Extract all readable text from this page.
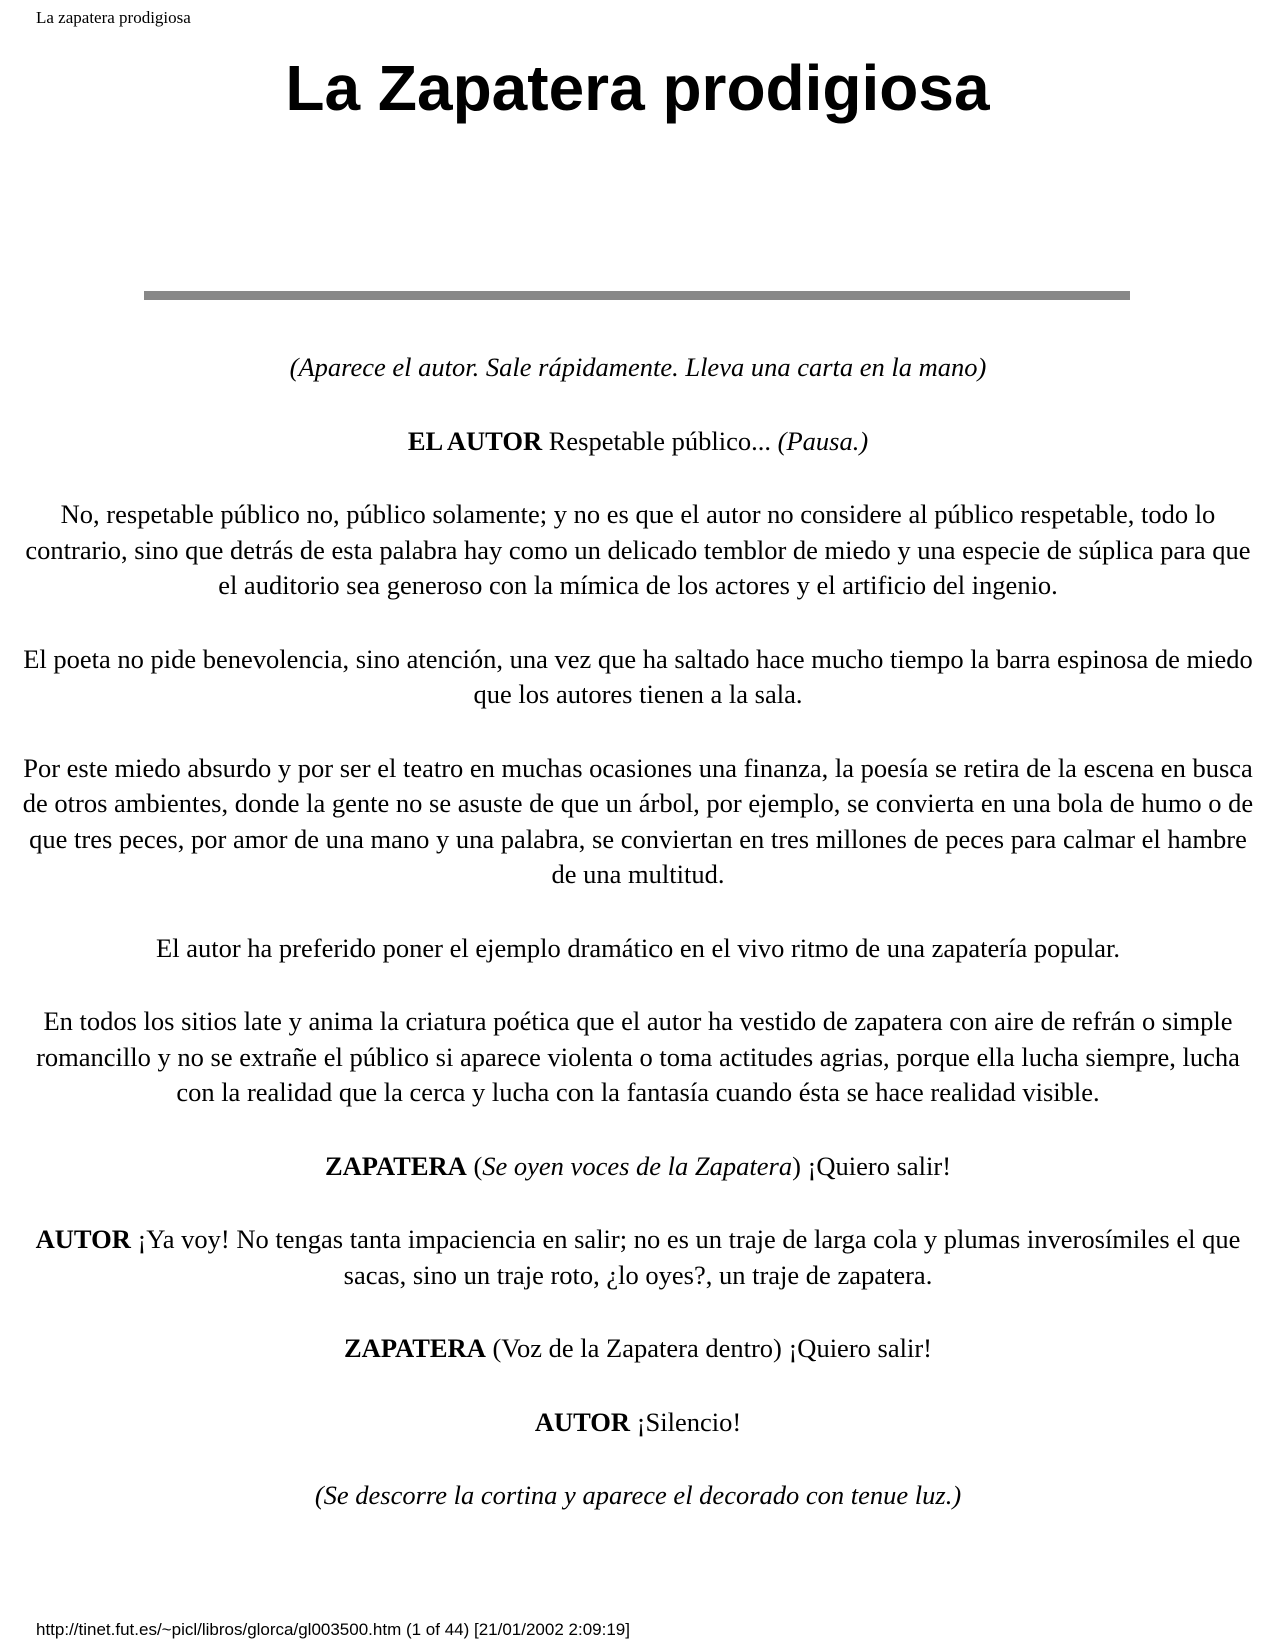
La zapatera prodigiosa
La Zapatera prodigiosa

(Aparece el autor. Sale rápidamente. Lleva una carta en la mano)

EL AUTOR Respetable público... (Pausa.)

No, respetable público no, público solamente; y no es que el autor no considere al público respetable, todo lo contrario, sino que detrás de esta palabra hay como un delicado temblor de miedo y una especie de súplica para que el auditorio sea generoso con la mímica de los actores y el artificio del ingenio.

El poeta no pide benevolencia, sino atención, una vez que ha saltado hace mucho tiempo la barra espinosa de miedo que los autores tienen a la sala.

Por este miedo absurdo y por ser el teatro en muchas ocasiones una finanza, la poesía se retira de la escena en busca de otros ambientes, donde la gente no se asuste de que un árbol, por ejemplo, se convierta en una bola de humo o de que tres peces, por amor de una mano y una palabra, se conviertan en tres millones de peces para calmar el hambre de una multitud.

El autor ha preferido poner el ejemplo dramático en el vivo ritmo de una zapatería popular.

En todos los sitios late y anima la criatura poética que el autor ha vestido de zapatera con aire de refrán o simple romancillo y no se extrañe el público si aparece violenta o toma actitudes agrias, porque ella lucha siempre, lucha con la realidad que la cerca y lucha con la fantasía cuando ésta se hace realidad visible.

ZAPATERA (Se oyen voces de la Zapatera) ¡Quiero salir!

AUTOR ¡Ya voy! No tengas tanta impaciencia en salir; no es un traje de larga cola y plumas inverosímiles el que sacas, sino un traje roto, ¿lo oyes?, un traje de zapatera.

ZAPATERA (Voz de la Zapatera dentro) ¡Quiero salir!

AUTOR ¡Silencio!

(Se descorre la cortina y aparece el decorado con tenue luz.)

http://tinet.fut.es/~picl/libros/glorca/gl003500.htm (1 of 44) [21/01/2002 2:09:19]
